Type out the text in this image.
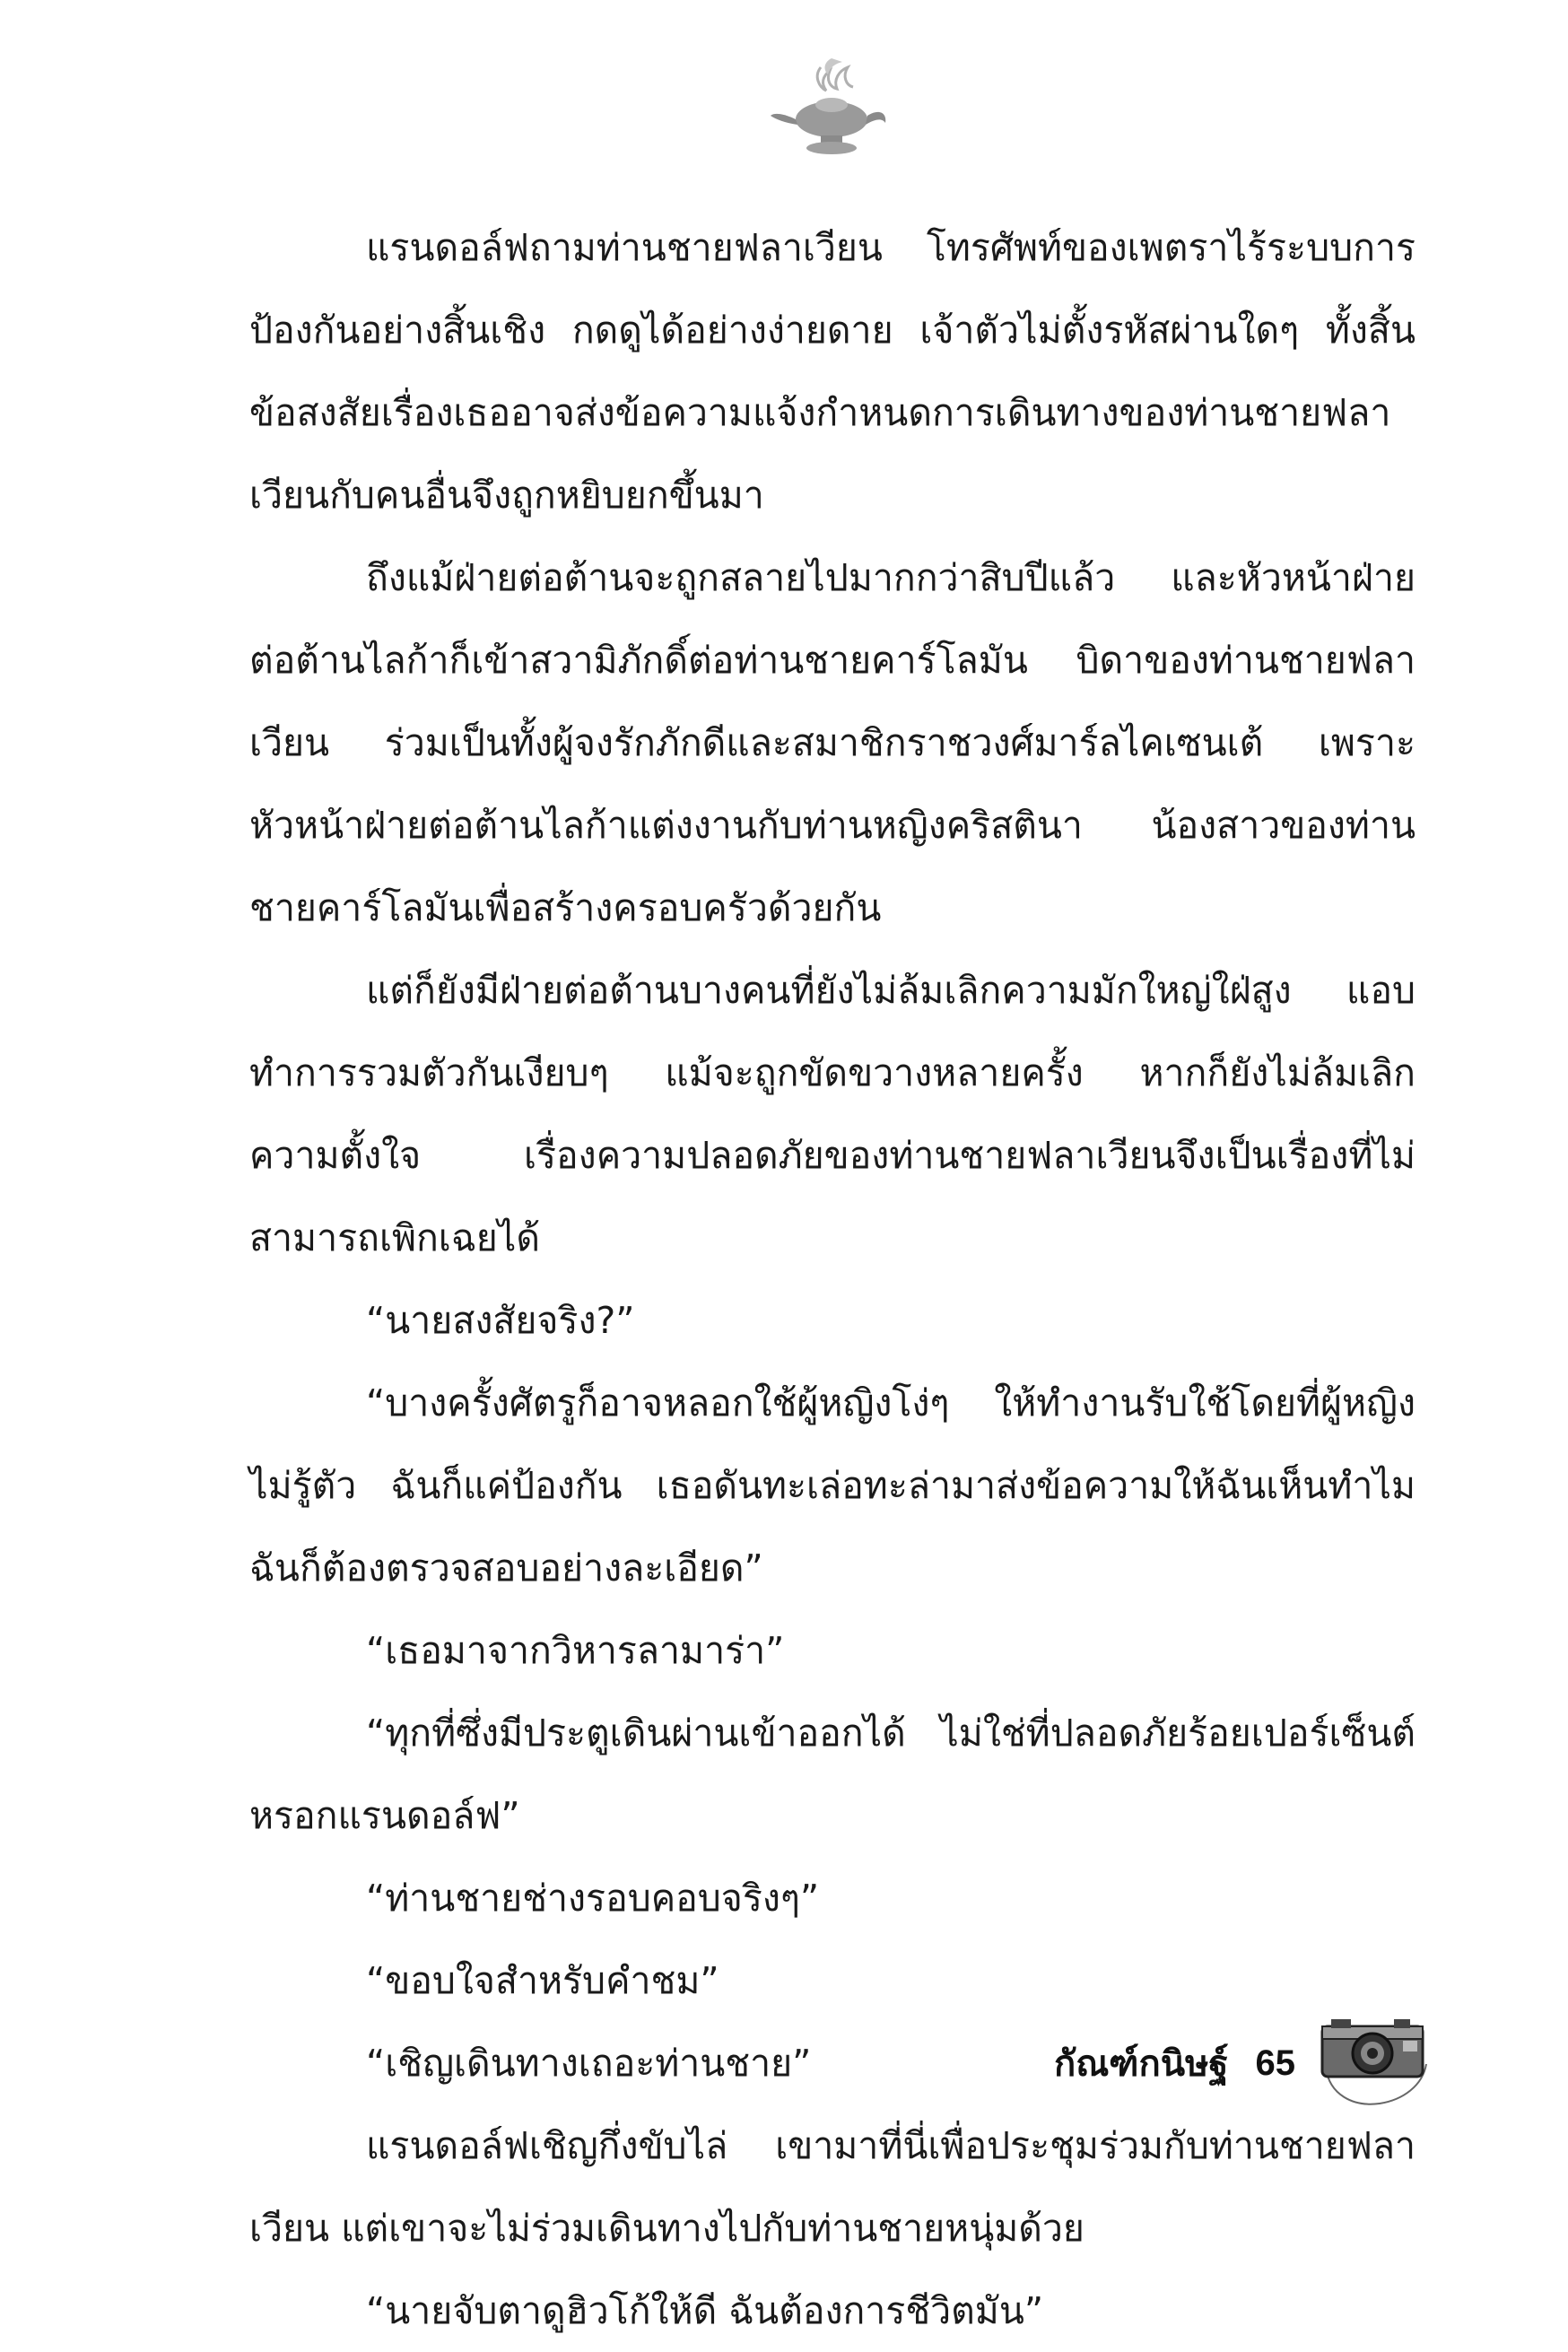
แรนดอล์ฟถามท่านชายฟลาเวียน โทรศัพท์ของเพตราไร้ระบบการป้องกันอย่างสิ้นเชิง กดดูได้อย่างง่ายดาย เจ้าตัวไม่ตั้งรหัสผ่านใดๆ ทั้งสิ้น ข้อสงสัยเรื่องเธออาจส่งข้อความแจ้งกำหนดการเดินทางของท่านชายฟลาเวียนกับคนอื่นจึงถูกหยิบยกขึ้นมา

ถึงแม้ฝ่ายต่อต้านจะถูกสลายไปมากกว่าสิบปีแล้ว และหัวหน้าฝ่ายต่อต้านไลก้าก็เข้าสวามิภักดิ์ต่อท่านชายคาร์โลมัน บิดาของท่านชายฟลาเวียน ร่วมเป็นทั้งผู้จงรักภักดีและสมาชิกราชวงศ์มาร์ลไคเซนเต้ เพราะหัวหน้าฝ่ายต่อต้านไลก้าแต่งงานกับท่านหญิงคริสตินา น้องสาวของท่านชายคาร์โลมันเพื่อสร้างครอบครัวด้วยกัน

แต่ก็ยังมีฝ่ายต่อต้านบางคนที่ยังไม่ล้มเลิกความมักใหญ่ใฝ่สูง แอบทำการรวมตัวกันเงียบๆ แม้จะถูกขัดขวางหลายครั้ง หากก็ยังไม่ล้มเลิกความตั้งใจ เรื่องความปลอดภัยของท่านชายฟลาเวียนจึงเป็นเรื่องที่ไม่สามารถเพิกเฉยได้

“นายสงสัยจริง?”

“บางครั้งศัตรูก็อาจหลอกใช้ผู้หญิงโง่ๆ ให้ทำงานรับใช้โดยที่ผู้หญิงไม่รู้ตัว ฉันก็แค่ป้องกัน เธอดันทะเล่อทะล่ามาส่งข้อความให้ฉันเห็นทำไม ฉันก็ต้องตรวจสอบอย่างละเอียด”

“เธอมาจากวิหารลามาร่า”

“ทุกที่ซึ่งมีประตูเดินผ่านเข้าออกได้ ไม่ใช่ที่ปลอดภัยร้อยเปอร์เซ็นต์หรอกแรนดอล์ฟ”

“ท่านชายช่างรอบคอบจริงๆ”

“ขอบใจสำหรับคำชม”

“เชิญเดินทางเถอะท่านชาย”

แรนดอล์ฟเชิญกึ่งขับไล่ เขามาที่นี่เพื่อประชุมร่วมกับท่านชายฟลาเวียน แต่เขาจะไม่ร่วมเดินทางไปกับท่านชายหนุ่มด้วย

“นายจับตาดูฮิวโก้ให้ดี ฉันต้องการชีวิตมัน”

กัณฑ์กนิษฐ์ 65
